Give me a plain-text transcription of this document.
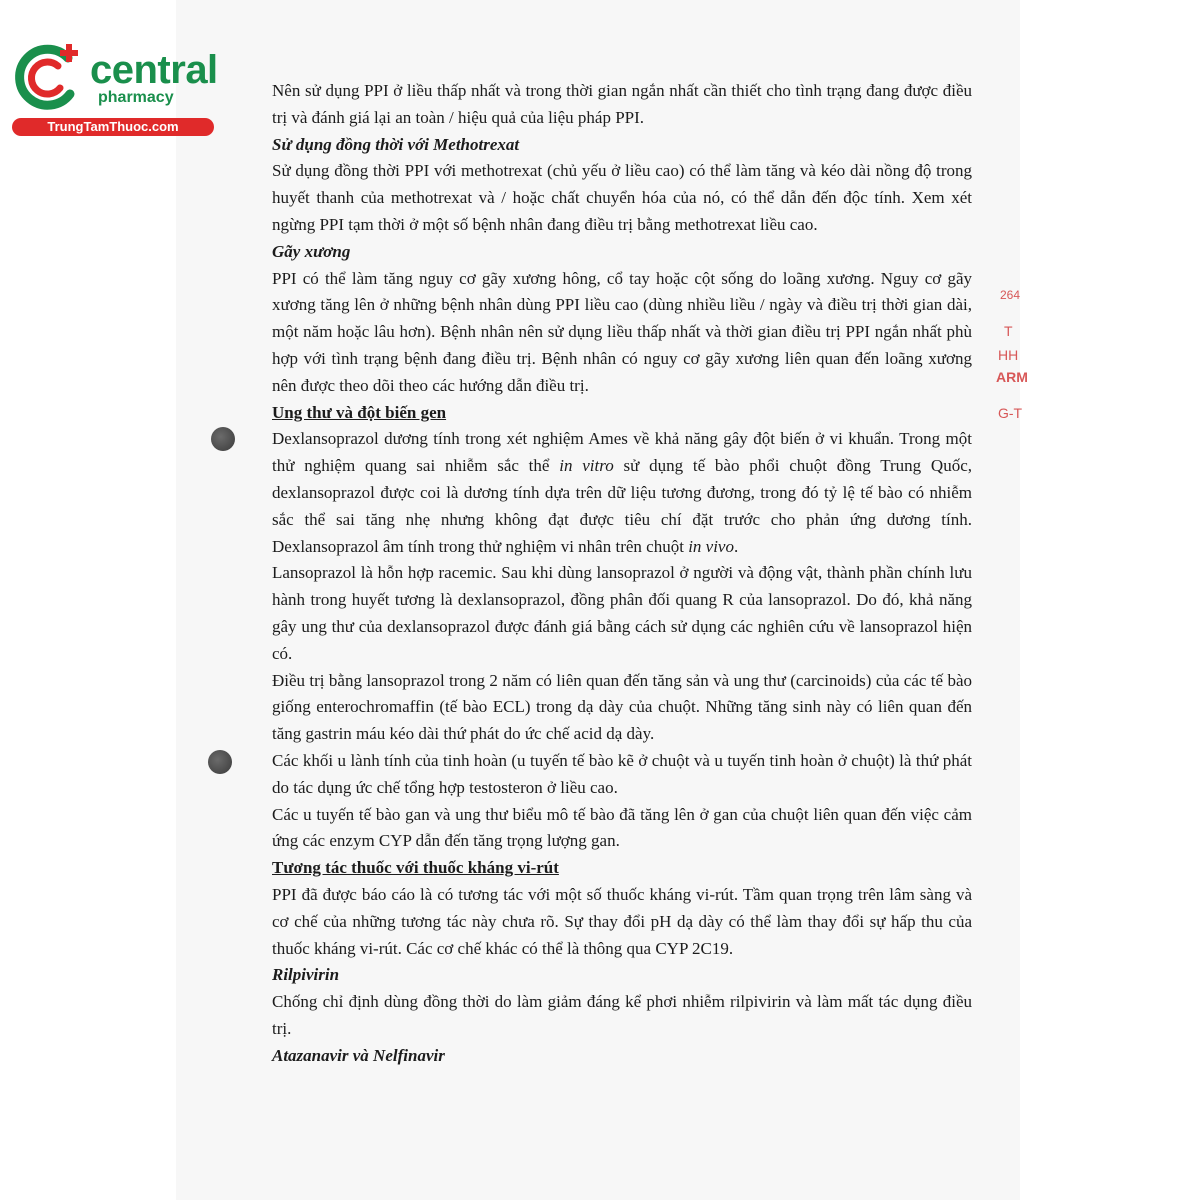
central
pharmacy
TrungTamThuoc.com
264
T
HH
ARM
G-T

Nên sử dụng PPI ở liều thấp nhất và trong thời gian ngắn nhất cần thiết cho tình trạng đang được điều trị và đánh giá lại an toàn / hiệu quả của liệu pháp PPI.

Sử dụng đồng thời với Methotrexat

Sử dụng đồng thời PPI với methotrexat (chủ yếu ở liều cao) có thể làm tăng và kéo dài nồng độ trong huyết thanh của methotrexat và / hoặc chất chuyển hóa của nó, có thể dẫn đến độc tính. Xem xét ngừng PPI tạm thời ở một số bệnh nhân đang điều trị bằng methotrexat liều cao.

Gãy xương

PPI có thể làm tăng nguy cơ gãy xương hông, cổ tay hoặc cột sống do loãng xương. Nguy cơ gãy xương tăng lên ở những bệnh nhân dùng PPI liều cao (dùng nhiều liều / ngày và điều trị thời gian dài, một năm hoặc lâu hơn). Bệnh nhân nên sử dụng liều thấp nhất và thời gian điều trị PPI ngắn nhất phù hợp với tình trạng bệnh đang điều trị. Bệnh nhân có nguy cơ gãy xương liên quan đến loãng xương nên được theo dõi theo các hướng dẫn điều trị.

Ung thư và đột biến gen

Dexlansoprazol dương tính trong xét nghiệm Ames về khả năng gây đột biến ở vi khuẩn. Trong một thử nghiệm quang sai nhiễm sắc thể in vitro sử dụng tế bào phổi chuột đồng Trung Quốc, dexlansoprazol được coi là dương tính dựa trên dữ liệu tương đương, trong đó tỷ lệ tế bào có nhiễm sắc thể sai tăng nhẹ nhưng không đạt được tiêu chí đặt trước cho phản ứng dương tính. Dexlansoprazol âm tính trong thử nghiệm vi nhân trên chuột in vivo.

Lansoprazol là hỗn hợp racemic. Sau khi dùng lansoprazol ở người và động vật, thành phần chính lưu hành trong huyết tương là dexlansoprazol, đồng phân đối quang R của lansoprazol. Do đó, khả năng gây ung thư của dexlansoprazol được đánh giá bằng cách sử dụng các nghiên cứu về lansoprazol hiện có.

Điều trị bằng lansoprazol trong 2 năm có liên quan đến tăng sản và ung thư (carcinoids) của các tế bào giống enterochromaffin (tế bào ECL) trong dạ dày của chuột. Những tăng sinh này có liên quan đến tăng gastrin máu kéo dài thứ phát do ức chế acid dạ dày.

Các khối u lành tính của tinh hoàn (u tuyến tế bào kẽ ở chuột và u tuyến tinh hoàn ở chuột) là thứ phát do tác dụng ức chế tổng hợp testosteron ở liều cao.

Các u tuyến tế bào gan và ung thư biểu mô tế bào đã tăng lên ở gan của chuột liên quan đến việc cảm ứng các enzym CYP dẫn đến tăng trọng lượng gan.

Tương tác thuốc với thuốc kháng vi-rút

PPI đã được báo cáo là có tương tác với một số thuốc kháng vi-rút. Tầm quan trọng trên lâm sàng và cơ chế của những tương tác này chưa rõ. Sự thay đổi pH dạ dày có thể làm thay đổi sự hấp thu của thuốc kháng vi-rút. Các cơ chế khác có thể là thông qua CYP 2C19.

Rilpivirin

Chống chỉ định dùng đồng thời do làm giảm đáng kể phơi nhiễm rilpivirin và làm mất tác dụng điều trị.

Atazanavir và Nelfinavir
